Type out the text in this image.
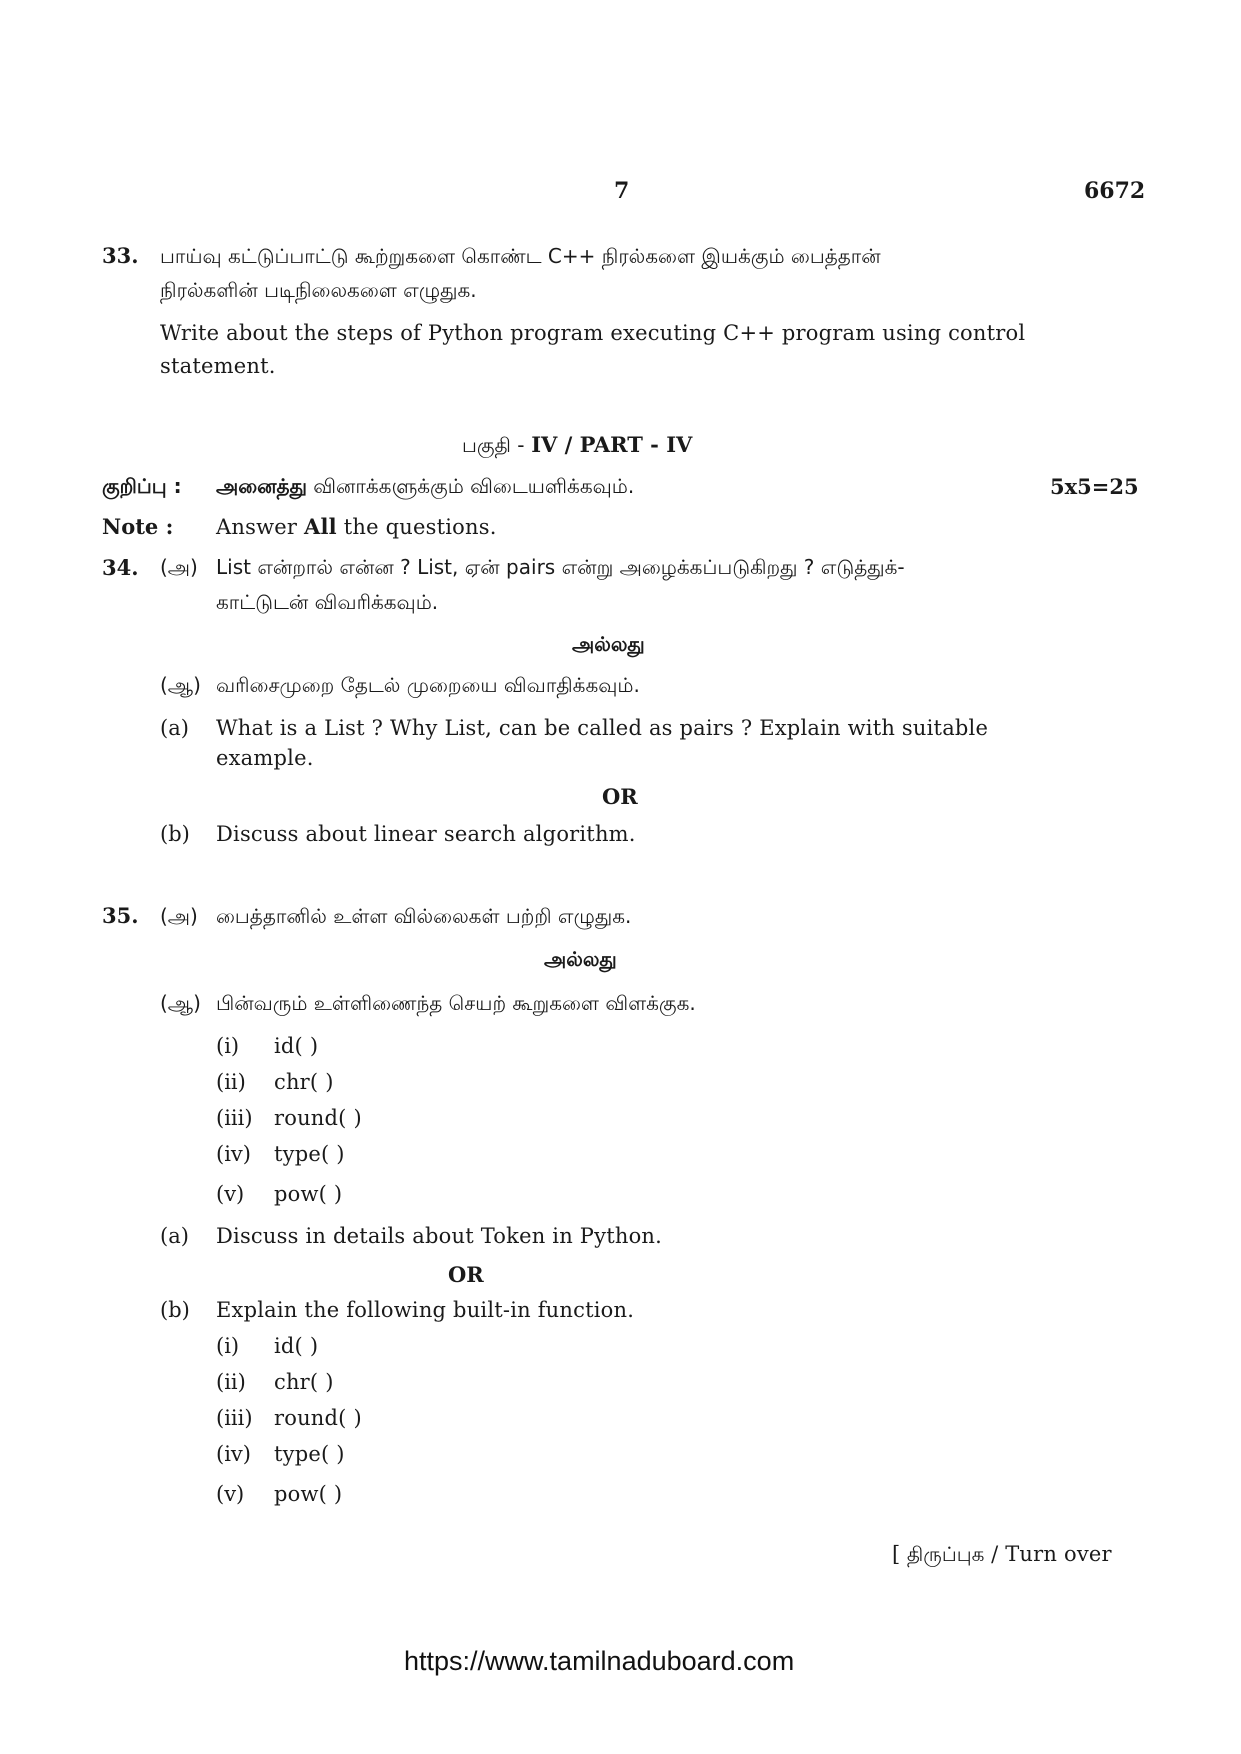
7	6672
33. பாய்வு கட்டுப்பாட்டு கூற்றுகளை கொண்ட C++ நிரல்களை இயக்கும் பைத்தான்
நிரல்களின் படிநிலைகளை எழுதுக.
Write about the steps of Python program executing C++ program using control
statement.
பகுதி - IV / PART - IV
குறிப்பு : அனைத்து வினாக்களுக்கும் விடையளிக்கவும்.	5x5=25
Note : Answer All the questions.
34. (அ) List என்றால் என்ன ? List, ஏன் pairs என்று அழைக்கப்படுகிறது ? எடுத்துக்-
காட்டுடன் விவரிக்கவும்.
அல்லது
(ஆ) வரிசைமுறை தேடல் முறையை விவாதிக்கவும்.
(a) What is a List ? Why List, can be called as pairs ? Explain with suitable
example.
OR
(b) Discuss about linear search algorithm.
35. (அ) பைத்தானில் உள்ள வில்லைகள் பற்றி எழுதுக.
அல்லது
(ஆ) பின்வரும் உள்ளிணைந்த செயற் கூறுகளை விளக்குக.
(i) id( )
(ii) chr( )
(iii) round( )
(iv) type( )
(v) pow( )
(a) Discuss in details about Token in Python.
OR
(b) Explain the following built-in function.
(i) id( )
(ii) chr( )
(iii) round( )
(iv) type( )
(v) pow( )
[ திருப்புக / Turn over
https://www.tamilnaduboard.com
